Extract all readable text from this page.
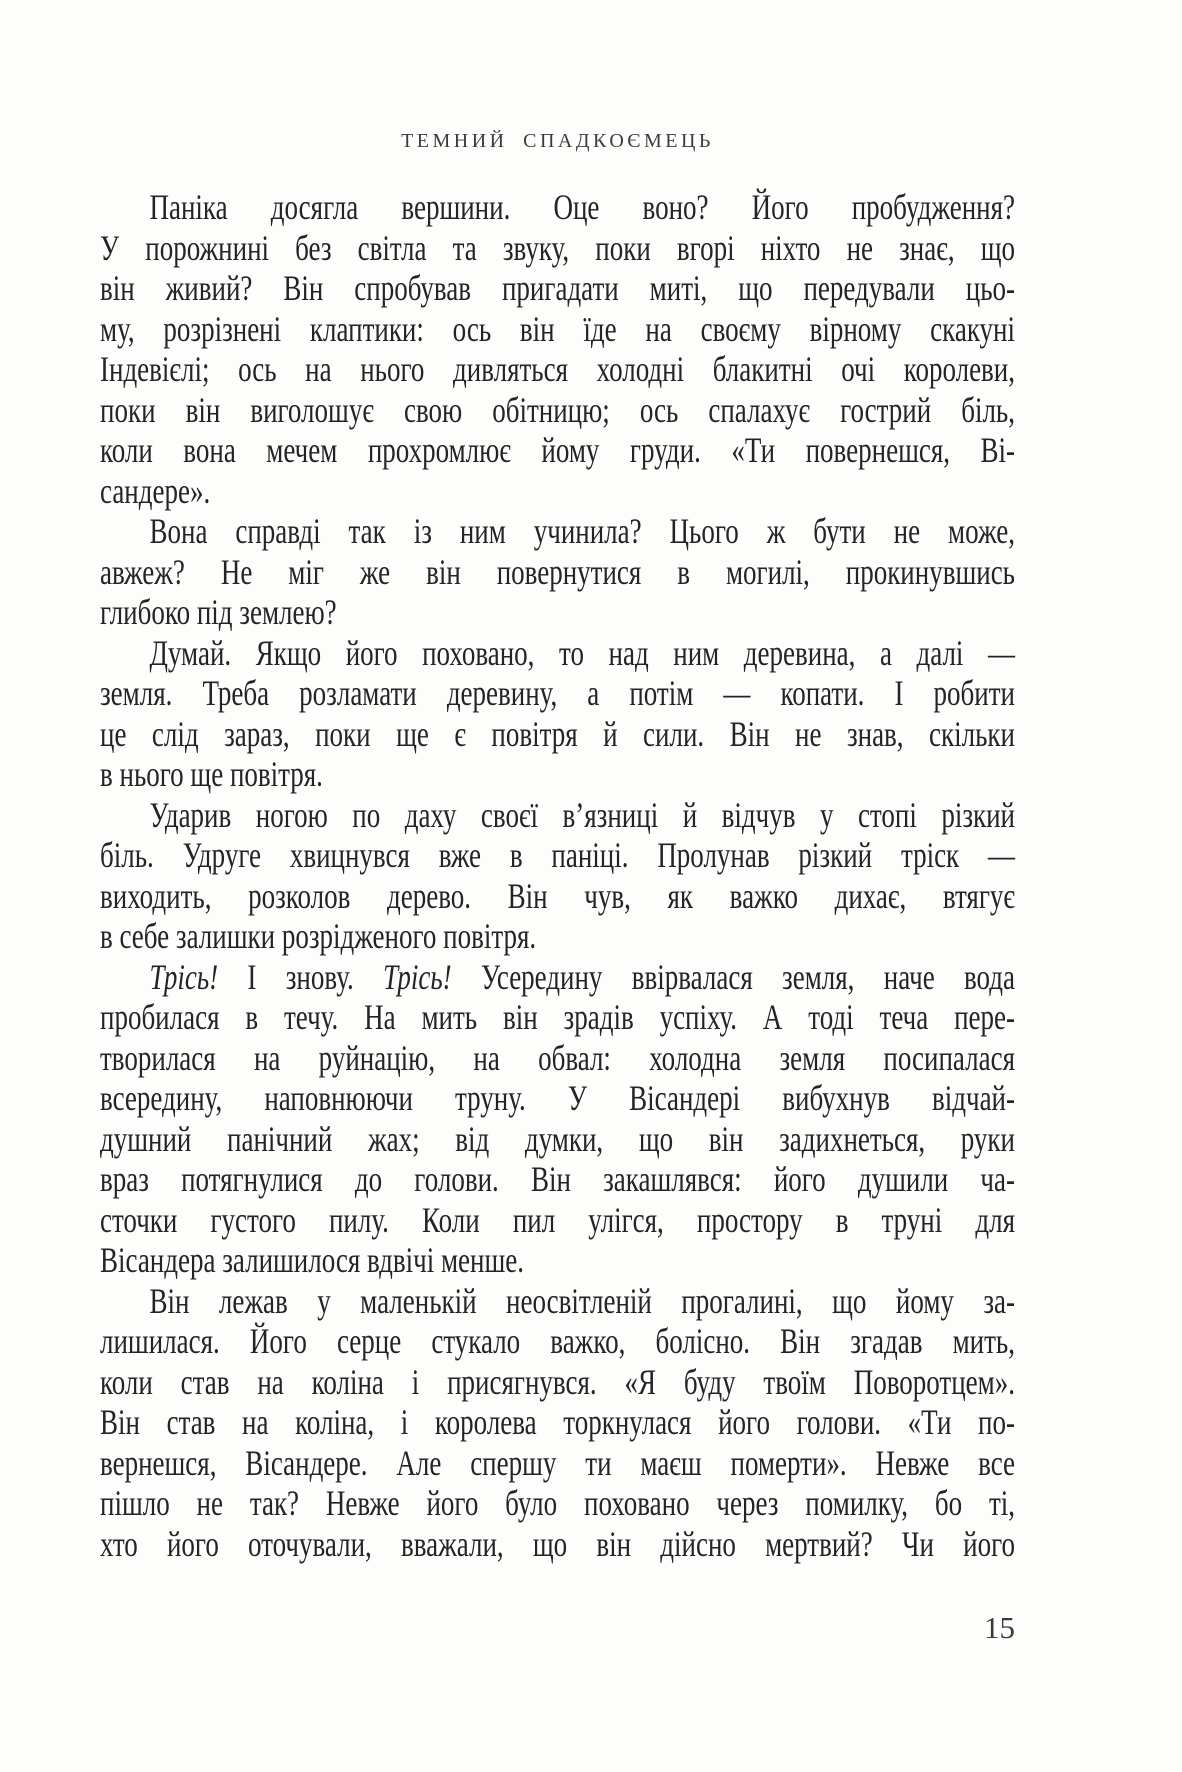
ТЕМНИЙ СПАДКОЄМЕЦЬ
Паніка досягла вершини. Оце воно? Його пробудження?
У порожнині без світла та звуку, поки вгорі ніхто не знає, що
він живий? Він спробував пригадати миті, що передували цьо-
му, розрізнені клаптики: ось він їде на своєму вірному скакуні
Індевієлі; ось на нього дивляться холодні блакитні очі королеви,
поки він виголошує свою обітницю; ось спалахує гострий біль,
коли вона мечем прохромлює йому груди. «Ти повернешся, Ві-
сандере».
Вона справді так із ним учинила? Цього ж бути не може,
авжеж? Не міг же він повернутися в могилі, прокинувшись
глибоко під землею?
Думай. Якщо його поховано, то над ним деревина, а далі —
земля. Треба розламати деревину, а потім — копати. І робити
це слід зараз, поки ще є повітря й сили. Він не знав, скільки
в нього ще повітря.
Ударив ногою по даху своєї в’язниці й відчув у стопі різкий
біль. Удруге хвицнувся вже в паніці. Пролунав різкий тріск —
виходить, розколов дерево. Він чув, як важко дихає, втягує
в себе залишки розрідженого повітря.
Трісь! І знову. Трісь! Усередину ввірвалася земля, наче вода
пробилася в течу. На мить він зрадів успіху. А тоді теча пере-
творилася на руйнацію, на обвал: холодна земля посипалася
всередину, наповнюючи труну. У Вісандері вибухнув відчай-
душний панічний жах; від думки, що він задихнеться, руки
враз потягнулися до голови. Він закашлявся: його душили ча-
сточки густого пилу. Коли пил улігся, простору в труні для
Вісандера залишилося вдвічі менше.
Він лежав у маленькій неосвітленій прогалині, що йому за-
лишилася. Його серце стукало важко, болісно. Він згадав мить,
коли став на коліна і присягнувся. «Я буду твоїм Поворотцем».
Він став на коліна, і королева торкнулася його голови. «Ти по-
вернешся, Вісандере. Але спершу ти маєш померти». Невже все
пішло не так? Невже його було поховано через помилку, бо ті,
хто його оточували, вважали, що він дійсно мертвий? Чи його
15
